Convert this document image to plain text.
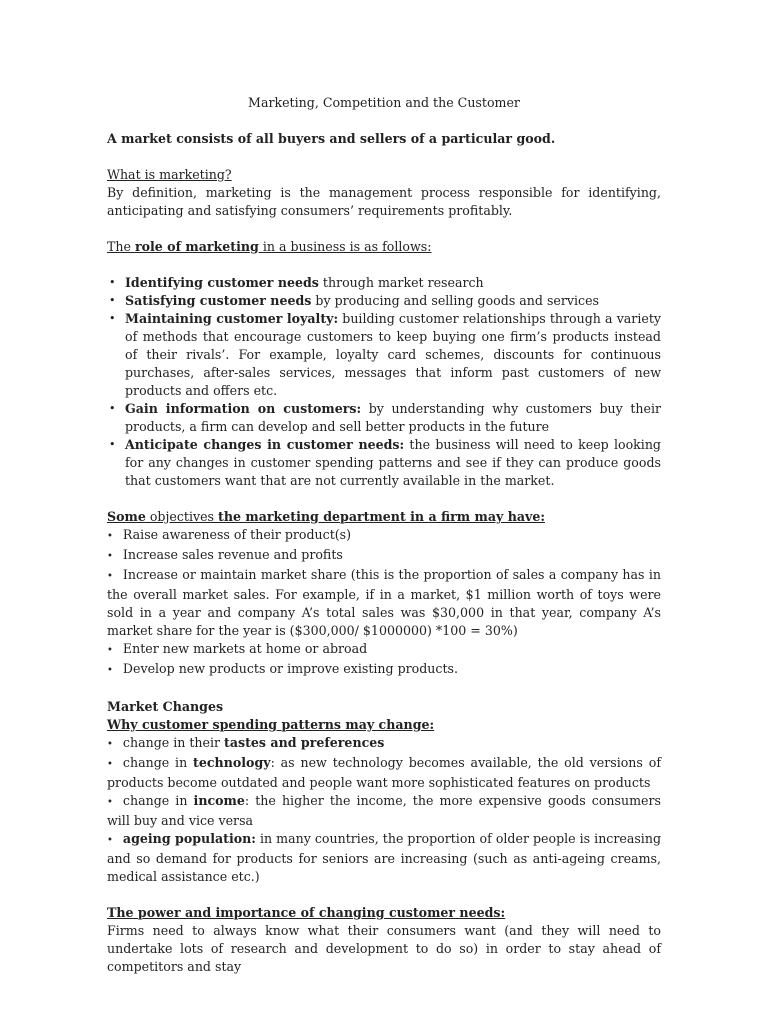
Marketing, Competition and the Customer
A market consists of all buyers and sellers of a particular good.

What is marketing?

By definition, marketing is the management process responsible for identifying, anticipating and satisfying consumers’ requirements profitably.

The role of marketing in a business is as follows:

• Identifying customer needs through market research
• Satisfying customer needs by producing and selling goods and services
• Maintaining customer loyalty: building customer relationships through a variety of methods that encourage customers to keep buying one firm’s products instead of their rivals’. For example, loyalty card schemes, discounts for continuous purchases, after-sales services, messages that inform past customers of new products and offers etc.
• Gain information on customers: by understanding why customers buy their products, a firm can develop and sell better products in the future
• Anticipate changes in customer needs: the business will need to keep looking for any changes in customer spending patterns and see if they can produce goods that customers want that are not currently available in the market.

Some objectives the marketing department in a firm may have:

• Raise awareness of their product(s)
• Increase sales revenue and profits
• Increase or maintain market share (this is the proportion of sales a company has in the overall market sales. For example, if in a market, $1 million worth of toys were sold in a year and company A’s total sales was $30,000 in that year, company A’s market share for the year is ($300,000/ $1000000) *100 = 30%)
• Enter new markets at home or abroad
• Develop new products or improve existing products.

Market Changes

Why customer spending patterns may change:

• change in their tastes and preferences
• change in technology: as new technology becomes available, the old versions of products become outdated and people want more sophisticated features on products
• change in income: the higher the income, the more expensive goods consumers will buy and vice versa
• ageing population: in many countries, the proportion of older people is increasing and so demand for products for seniors are increasing (such as anti-ageing creams, medical assistance etc.)

The power and importance of changing customer needs:

Firms need to always know what their consumers want (and they will need to undertake lots of research and development to do so) in order to stay ahead of competitors and stay
